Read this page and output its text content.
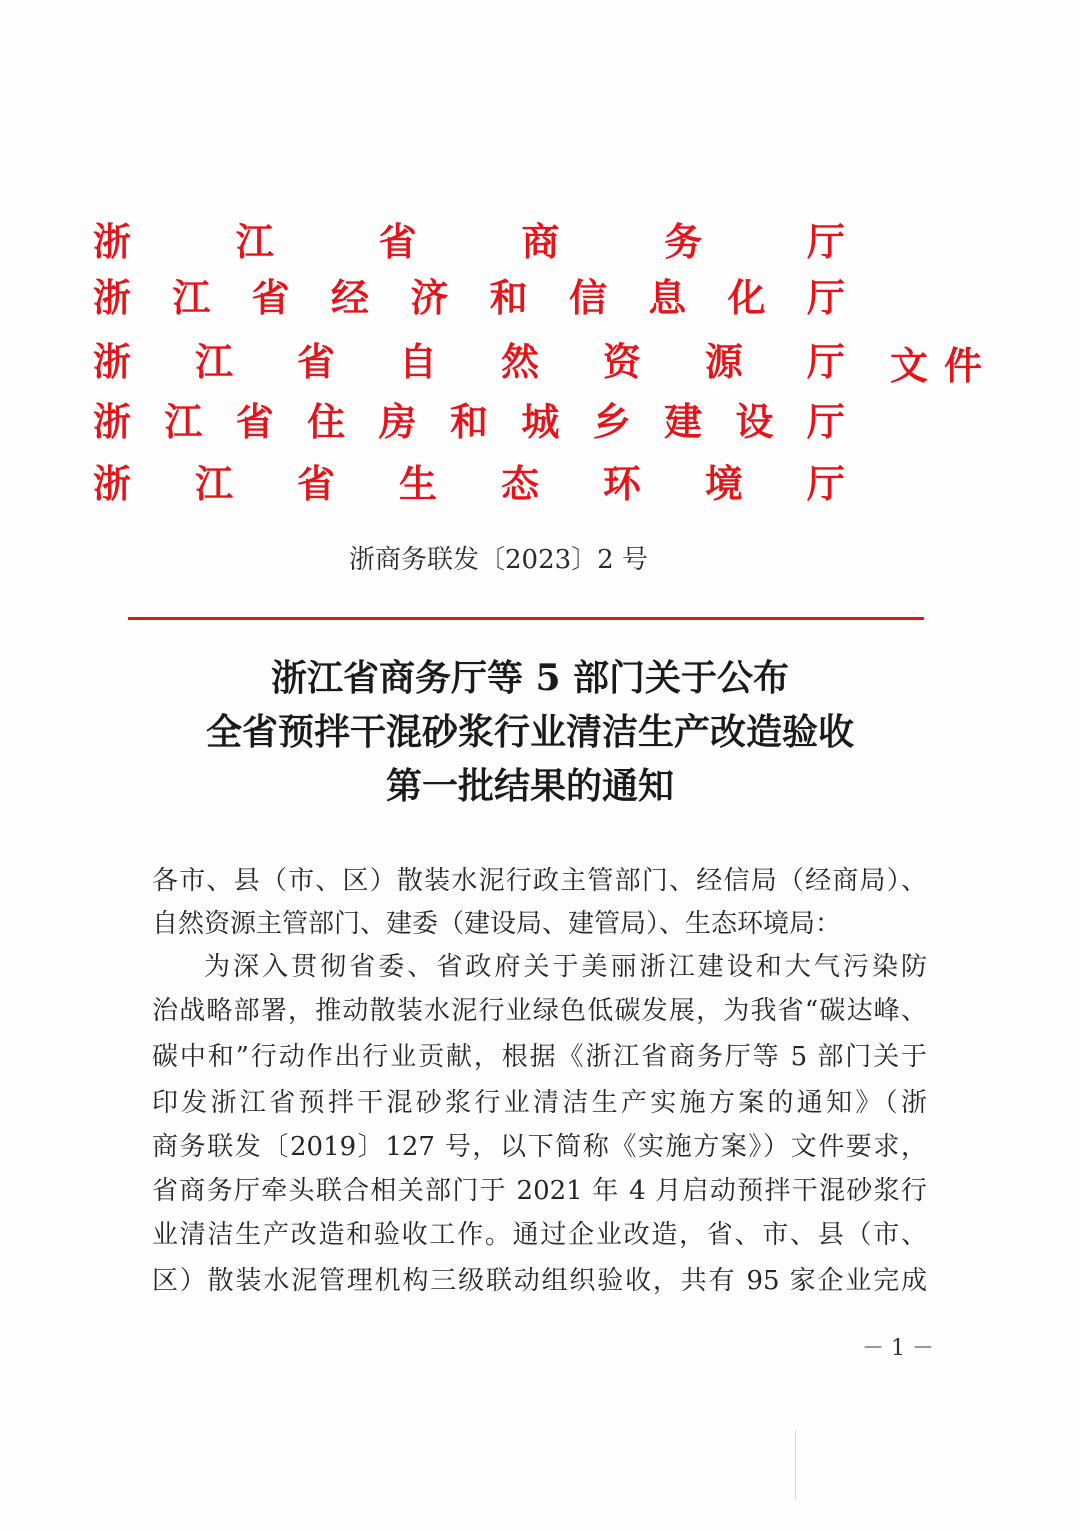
浙	江	省	商	务	厅
浙 江 省 经 济 和 信 息 化 厅
浙 江 省 自 然 资 源 厅
浙 江 省 住 房 和 城 乡 建 设 厅
浙 江 省 生 态 环 境 厅
文 件
浙商务联发〔2023〕2 号
浙江省商务厅等 5 部门关于公布
全省预拌干混砂浆行业清洁生产改造验收
第一批结果的通知
各市、县（市、区）散装水泥行政主管部门、经信局（经商局）、
自然资源主管部门、建委（建设局、建管局）、生态环境局：
为深入贯彻省委、省政府关于美丽浙江建设和大气污染防
治战略部署，推动散装水泥行业绿色低碳发展，为我省“碳达峰、
碳中和”行动作出行业贡献，根据《浙江省商务厅等 5 部门关于
印发浙江省预拌干混砂浆行业清洁生产实施方案的通知》（浙
商务联发〔2019〕127 号，以下简称《实施方案》）文件要求，
省商务厅牵头联合相关部门于 2021 年 4 月启动预拌干混砂浆行
业清洁生产改造和验收工作。通过企业改造，省、市、县（市、
区）散装水泥管理机构三级联动组织验收，共有 95 家企业完成
－ 1 －
